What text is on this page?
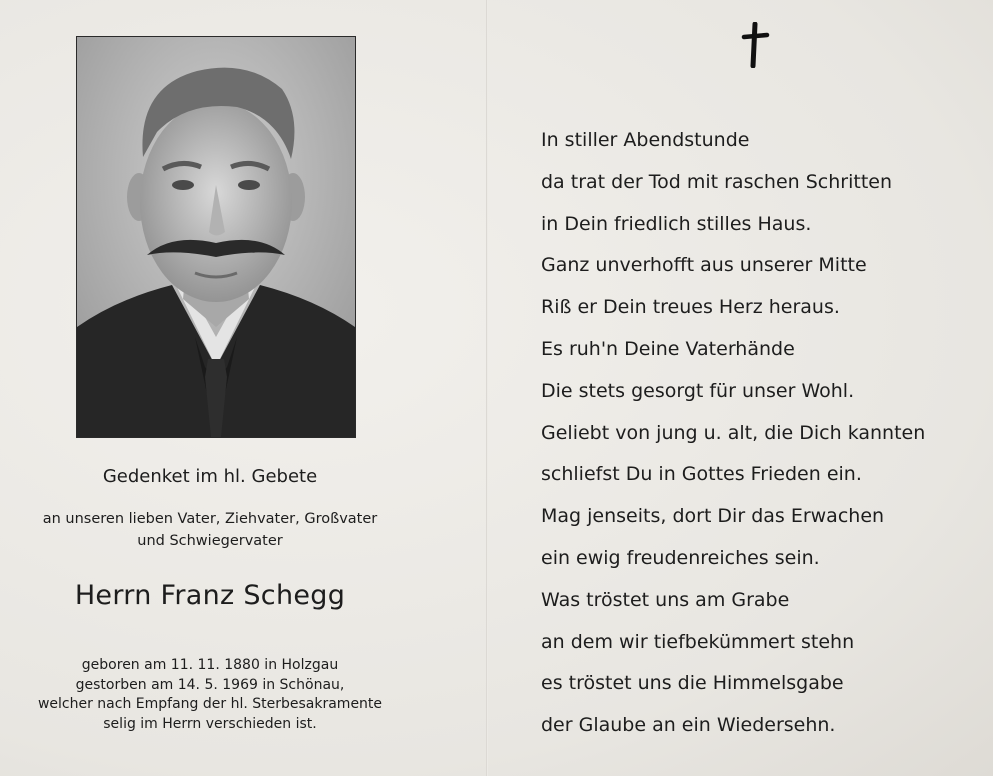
Gedenket im hl. Gebete
an unseren lieben Vater, Ziehvater, Großvater
und Schwiegervater
Herrn Franz Schegg
geboren am 11. 11. 1880 in Holzgau
gestorben am 14. 5. 1969 in Schönau,
welcher nach Empfang der hl. Sterbesakramente
selig im Herrn verschieden ist.
In stiller Abendstunde
da trat der Tod mit raschen Schritten
in Dein friedlich stilles Haus.
Ganz unverhofft aus unserer Mitte
Riß er Dein treues Herz heraus.
Es ruh'n Deine Vaterhände
Die stets gesorgt für unser Wohl.
Geliebt von jung u. alt, die Dich kannten
schliefst Du in Gottes Frieden ein.
Mag jenseits, dort Dir das Erwachen
ein ewig freudenreiches sein.
Was tröstet uns am Grabe
an dem wir tiefbekümmert stehn
es tröstet uns die Himmelsgabe
der Glaube an ein Wiedersehn.
